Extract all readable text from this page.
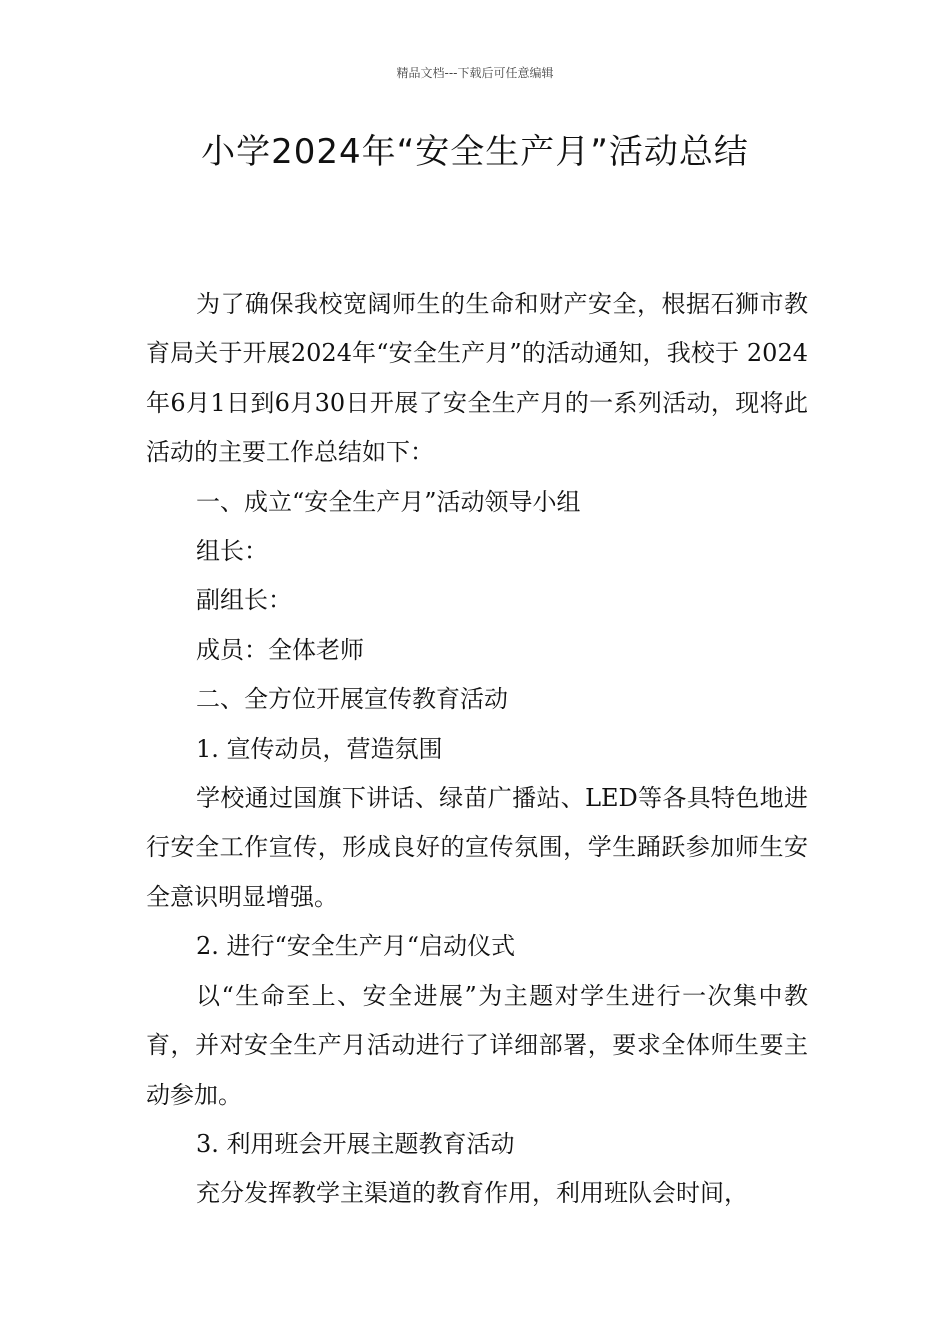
精品文档---下载后可任意编辑
小学2024年“安全生产月”活动总结

为了确保我校宽阔师生的生命和财产安全，根据石狮市教育局关于开展2024年“安全生产月”的活动通知，我校于 2024年6月1日到6月30日开展了安全生产月的一系列活动，现将此活动的主要工作总结如下：

一、成立“安全生产月”活动领导小组

组长：

副组长：

成员：全体老师

二、全方位开展宣传教育活动

1. 宣传动员，营造氛围

学校通过国旗下讲话、绿苗广播站、LED等各具特色地进行安全工作宣传，形成良好的宣传氛围，学生踊跃参加师生安全意识明显增强。

2. 进行“安全生产月“启动仪式

以“生命至上、安全进展”为主题对学生进行一次集中教育，并对安全生产月活动进行了详细部署，要求全体师生要主动参加。

3. 利用班会开展主题教育活动

充分发挥教学主渠道的教育作用，利用班队会时间，
